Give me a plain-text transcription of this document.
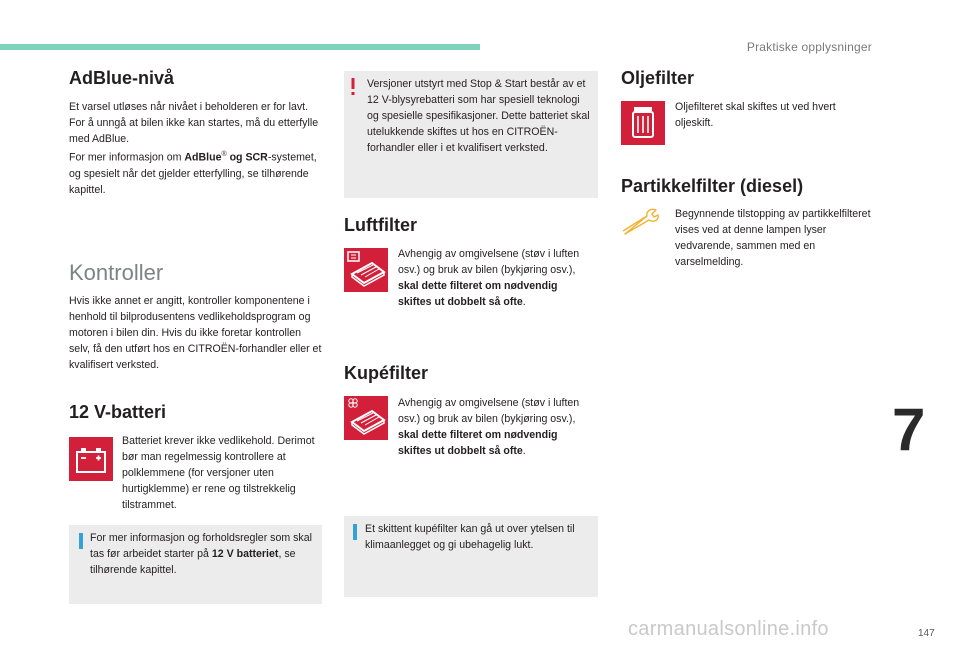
Praktiske opplysninger
AdBlue-nivå
Et varsel utløses når nivået i beholderen er for lavt.
For å unngå at bilen ikke kan startes, må du etterfylle med AdBlue.
For mer informasjon om AdBlue® og SCR-systemet, og spesielt når det gjelder etterfylling, se tilhørende kapittel.
Kontroller
Hvis ikke annet er angitt, kontroller komponentene i henhold til bilprodusentens vedlikeholdsprogram og motoren i bilen din. Hvis du ikke foretar kontrollen selv, få den utført hos en CITROËN-forhandler eller et kvalifisert verksted.
12 V-batteri
Batteriet krever ikke vedlikehold. Derimot bør man regelmessig kontrollere at polklemmene (for versjoner uten hurtigklemme) er rene og tilstrekkelig tilstrammet.
For mer informasjon og forholdsregler som skal tas før arbeidet starter på 12 V batteriet, se tilhørende kapittel.
Versjoner utstyrt med Stop & Start består av et 12 V-blysyrebatteri som har spesiell teknologi og spesielle spesifikasjoner. Dette batteriet skal utelukkende skiftes ut hos en CITROËN-forhandler eller i et kvalifisert verksted.
Luftfilter
Avhengig av omgivelsene (støv i luften osv.) og bruk av bilen (bykjøring osv.), skal dette filteret om nødvendig skiftes ut dobbelt så ofte.
Kupéfilter
Avhengig av omgivelsene (støv i luften osv.) og bruk av bilen (bykjøring osv.), skal dette filteret om nødvendig skiftes ut dobbelt så ofte.
Et skittent kupéfilter kan gå ut over ytelsen til klimaanlegget og gi ubehagelig lukt.
Oljefilter
Oljefilteret skal skiftes ut ved hvert oljeskift.
Partikkelfilter (diesel)
Begynnende tilstopping av partikkelfilteret vises ved at denne lampen lyser vedvarende, sammen med en varselmelding.
7
147
carmanualsonline.info
